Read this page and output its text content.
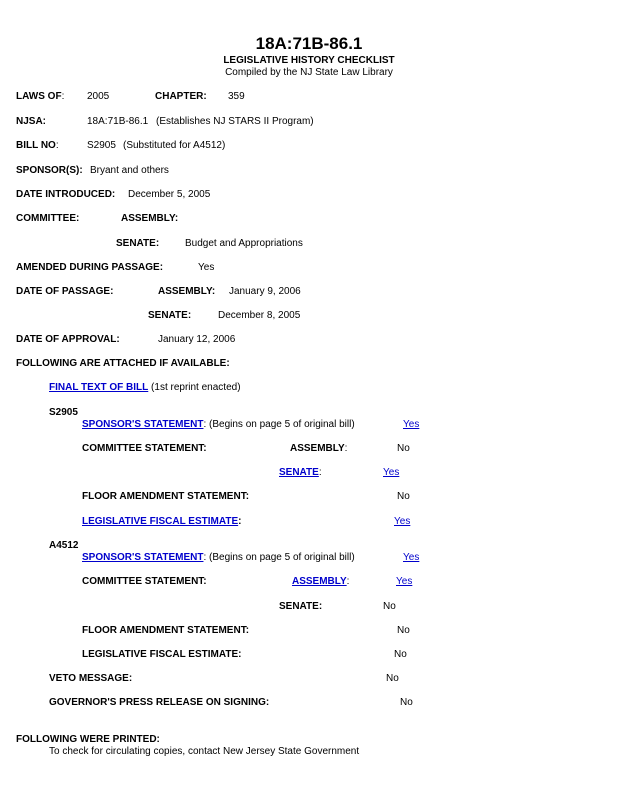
18A:71B-86.1
LEGISLATIVE HISTORY CHECKLIST
Compiled by the NJ State Law Library
LAWS OF: 2005	CHAPTER: 359
NJSA:	18A:71B-86.1 (Establishes NJ STARS II Program)
BILL NO:	S2905 (Substituted for A4512)
SPONSOR(S): Bryant and others
DATE INTRODUCED: December 5, 2005
COMMITTEE:	ASSEMBLY:
SENATE:	Budget and Appropriations
AMENDED DURING PASSAGE:	Yes
DATE OF PASSAGE:	ASSEMBLY: January 9, 2006
SENATE:	December 8, 2005
DATE OF APPROVAL:	January 12, 2006
FOLLOWING ARE ATTACHED IF AVAILABLE:
FINAL TEXT OF BILL (1st reprint enacted)
S2905
SPONSOR'S STATEMENT: (Begins on page 5 of original bill)	Yes
COMMITTEE STATEMENT:	ASSEMBLY:	No
SENATE:	Yes
FLOOR AMENDMENT STATEMENT:	No
LEGISLATIVE FISCAL ESTIMATE:	Yes
A4512
SPONSOR'S STATEMENT: (Begins on page 5 of original bill)	Yes
COMMITTEE STATEMENT:	ASSEMBLY:	Yes
SENATE:	No
FLOOR AMENDMENT STATEMENT:	No
LEGISLATIVE FISCAL ESTIMATE:	No
VETO MESSAGE:	No
GOVERNOR'S PRESS RELEASE ON SIGNING:	No
FOLLOWING WERE PRINTED:
To check for circulating copies, contact New Jersey State Government
